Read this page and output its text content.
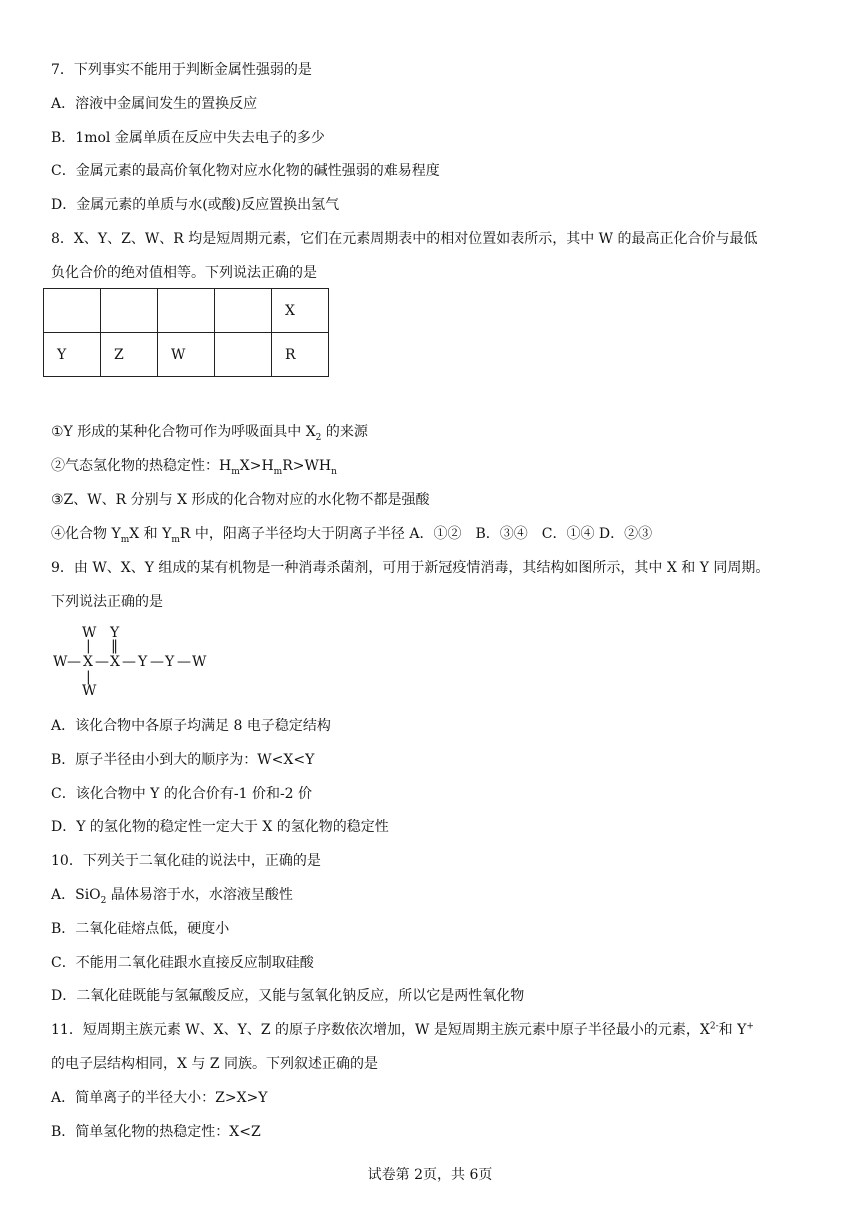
7．下列事实不能用于判断金属性强弱的是
A．溶液中金属间发生的置换反应
B．1mol 金属单质在反应中失去电子的多少
C．金属元素的最高价氧化物对应水化物的碱性强弱的难易程度
D．金属元素的单质与水(或酸)反应置换出氢气
8．X、Y、Z、W、R 均是短周期元素，它们在元素周期表中的相对位置如表所示，其中 W 的最高正化合价与最低
负化合价的绝对值相等。下列说法正确的是
				X
Y	Z	W		R
①Y 形成的某种化合物可作为呼吸面具中 $X_2$ 的来源
②气态氢化物的热稳定性：$H_mX>H_mR>WH_n$
③Z、W、R 分别与 X 形成的化合物对应的水化物不都是强酸
④化合物 $Y_mX$ 和 $Y_mR$ 中，阳离子半径均大于阴离子半径 A．①②　B．③④　C．①④ D．②③
9．由 W、X、Y 组成的某有机物是一种消毒杀菌剂，可用于新冠疫情消毒，其结构如图所示，其中 X 和 Y 同周期。
下列说法正确的是
W Y
| ‖
W — X — X — Y — Y — W
|
W
A．该化合物中各原子均满足 8 电子稳定结构
B．原子半径由小到大的顺序为：W<X<Y
C．该化合物中 Y 的化合价有-1 价和-2 价
D．Y 的氢化物的稳定性一定大于 X 的氢化物的稳定性
10．下列关于二氧化硅的说法中，正确的是
A．SiO$_2$ 晶体易溶于水，水溶液呈酸性
B．二氧化硅熔点低，硬度小
C．不能用二氧化硅跟水直接反应制取硅酸
D．二氧化硅既能与氢氟酸反应，又能与氢氧化钠反应，所以它是两性氧化物
11．短周期主族元素 W、X、Y、Z 的原子序数依次增加，W 是短周期主族元素中原子半径最小的元素，$X^{2-}$和 Y+
的电子层结构相同，X 与 Z 同族。下列叙述正确的是
A．简单离子的半径大小：Z>X>Y
B．简单氢化物的热稳定性：X<Z
试卷第 2页，共 6页
